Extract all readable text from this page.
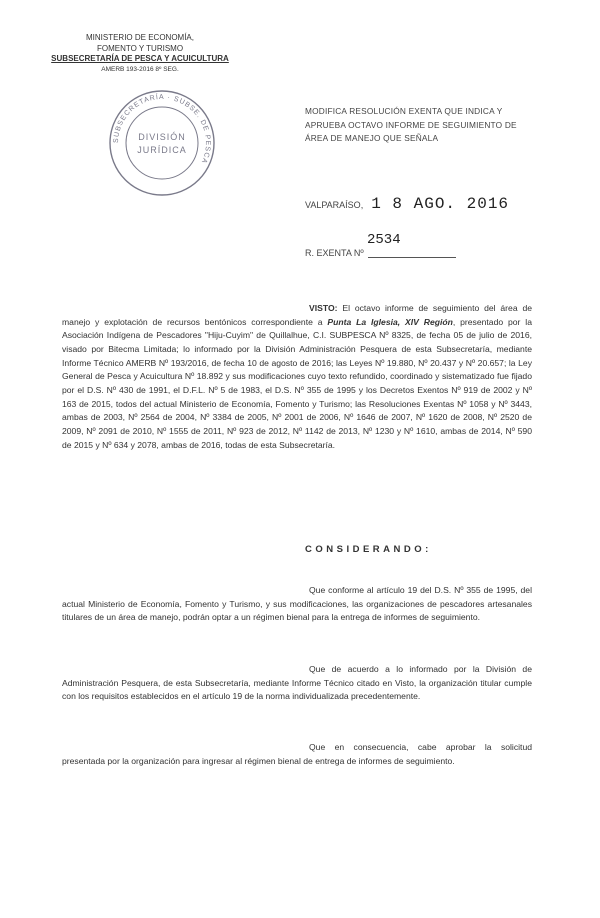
MINISTERIO DE ECONOMÍA,
FOMENTO Y TURISMO
SUBSECRETARÍA DE PESCA Y ACUICULTURA
AMERB 193-2016 8º SEG.
SUBSECRETARÍA · SUBSE. DE PESCA
DIVISIÓN
JURÍDICA
MODIFICA RESOLUCIÓN EXENTA QUE INDICA Y APRUEBA OCTAVO INFORME DE SEGUIMIENTO DE ÁREA DE MANEJO QUE SEÑALA
VALPARAÍSO, 1 8 AGO. 2016
R. EXENTA Nº
2534
VISTO: El octavo informe de seguimiento del área de manejo y explotación de recursos bentónicos correspondiente a Punta La Iglesia, XIV Región, presentado por la Asociación Indígena de Pescadores "Hiju-Cuyim" de Quillalhue, C.I. SUBPESCA Nº 8325, de fecha 05 de julio de 2016, visado por Bitecma Limitada; lo informado por la División Administración Pesquera de esta Subsecretaría, mediante Informe Técnico AMERB Nº 193/2016, de fecha 10 de agosto de 2016; las Leyes Nº 19.880, Nº 20.437 y Nº 20.657; la Ley General de Pesca y Acuicultura Nº 18.892 y sus modificaciones cuyo texto refundido, coordinado y sistematizado fue fijado por el D.S. Nº 430 de 1991, el D.F.L. Nº 5 de 1983, el D.S. Nº 355 de 1995 y los Decretos Exentos Nº 919 de 2002 y Nº 163 de 2015, todos del actual Ministerio de Economía, Fomento y Turismo; las Resoluciones Exentas Nº 1058 y Nº 3443, ambas de 2003, Nº 2564 de 2004, Nº 3384 de 2005, Nº 2001 de 2006, Nº 1646 de 2007, Nº 1620 de 2008, Nº 2520 de 2009, Nº 2091 de 2010, Nº 1555 de 2011, Nº 923 de 2012, Nº 1142 de 2013, Nº 1230 y Nº 1610, ambas de 2014, Nº 590 de 2015 y Nº 634 y 2078, ambas de 2016, todas de esta Subsecretaría.
CONSIDERANDO:
Que conforme al artículo 19 del D.S. Nº 355 de 1995, del actual Ministerio de Economía, Fomento y Turismo, y sus modificaciones, las organizaciones de pescadores artesanales titulares de un área de manejo, podrán optar a un régimen bienal para la entrega de informes de seguimiento.
Que de acuerdo a lo informado por la División de Administración Pesquera, de esta Subsecretaría, mediante Informe Técnico citado en Visto, la organización titular cumple con los requisitos establecidos en el artículo 19 de la norma individualizada precedentemente.
Que en consecuencia, cabe aprobar la solicitud presentada por la organización para ingresar al régimen bienal de entrega de informes de seguimiento.
